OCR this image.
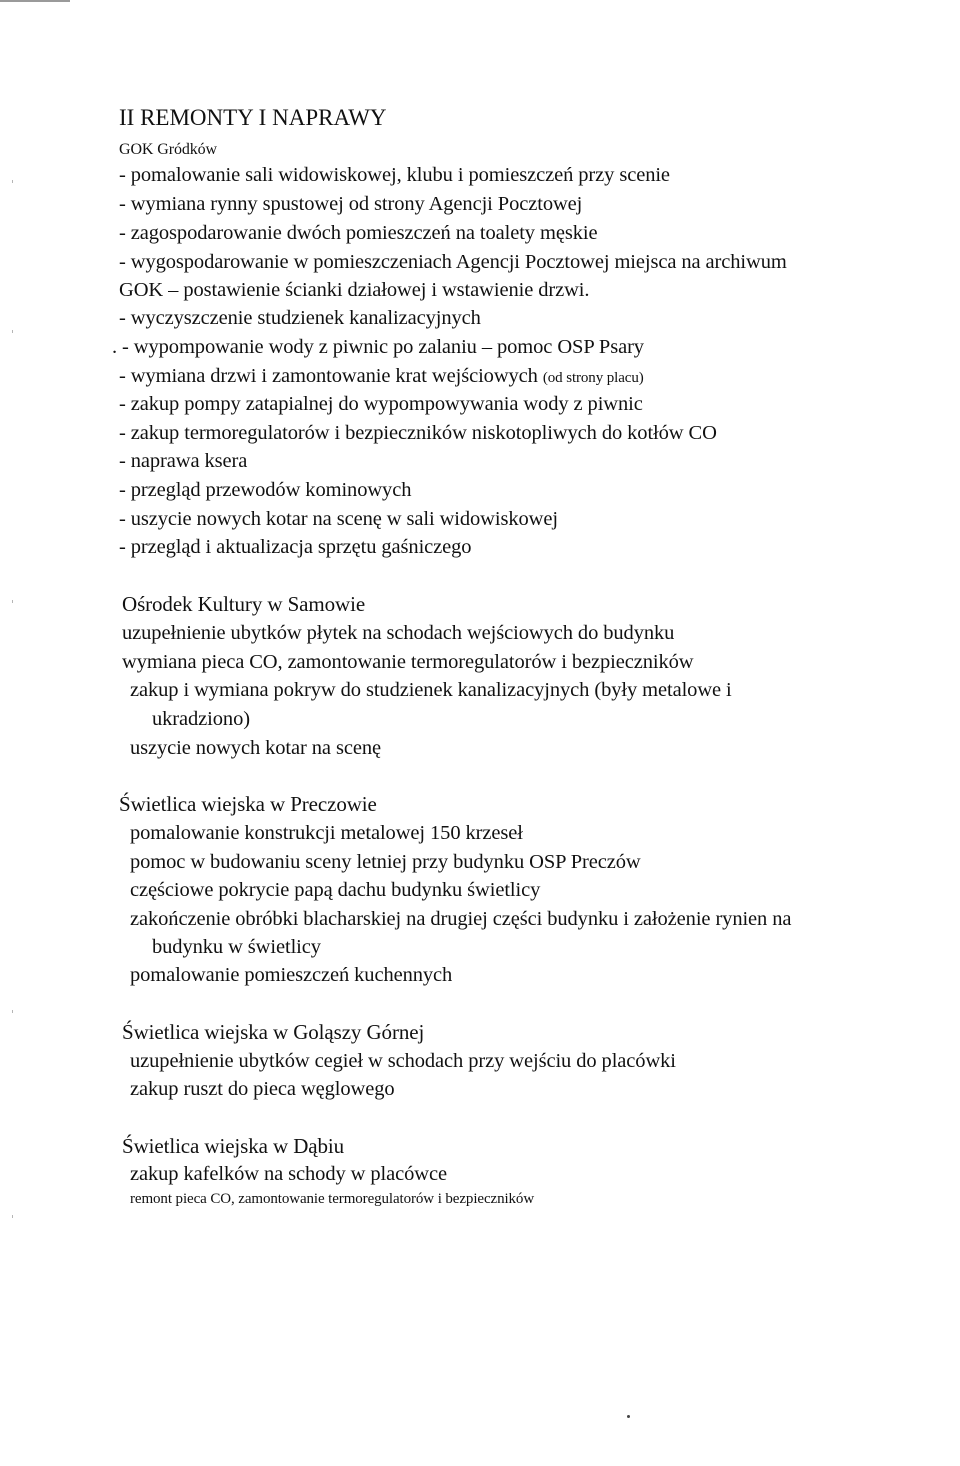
II REMONTY I NAPRAWY
GOK Gródków
- pomalowanie sali widowiskowej, klubu i pomieszczeń przy scenie
- wymiana rynny spustowej od strony Agencji Pocztowej
- zagospodarowanie dwóch pomieszczeń na toalety męskie
- wygospodarowanie w pomieszczeniach Agencji Pocztowej miejsca na archiwum
GOK – postawienie ścianki działowej i wstawienie drzwi.
- wyczyszczenie studzienek kanalizacyjnych
. - wypompowanie wody z piwnic po zalaniu – pomoc OSP Psary
- wymiana drzwi i zamontowanie krat wejściowych (od strony placu)
- zakup pompy zatapialnej do wypompowywania wody z piwnic
- zakup termoregulatorów i bezpieczników niskotopliwych do kotłów CO
- naprawa ksera
- przegląd przewodów kominowych
- uszycie nowych kotar na scenę w sali widowiskowej
- przegląd i aktualizacja sprzętu gaśniczego
Ośrodek Kultury w Samowie
uzupełnienie ubytków płytek na schodach wejściowych do budynku
wymiana pieca CO, zamontowanie termoregulatorów i bezpieczników
zakup i wymiana pokryw do studzienek kanalizacyjnych (były metalowe i
ukradziono)
uszycie nowych kotar na scenę
Świetlica wiejska w Preczowie
pomalowanie konstrukcji metalowej 150 krzeseł
pomoc w budowaniu sceny letniej przy budynku OSP Preczów
częściowe pokrycie papą dachu budynku świetlicy
zakończenie obróbki blacharskiej na drugiej części budynku i założenie rynien na
budynku w świetlicy
pomalowanie pomieszczeń kuchennych
Świetlica wiejska w Goląszy Górnej
uzupełnienie ubytków cegieł w schodach przy wejściu do placówki
zakup ruszt do pieca węglowego
Świetlica wiejska w Dąbiu
zakup kafelków na schody w placówce
remont pieca CO, zamontowanie termoregulatorów i bezpieczników
